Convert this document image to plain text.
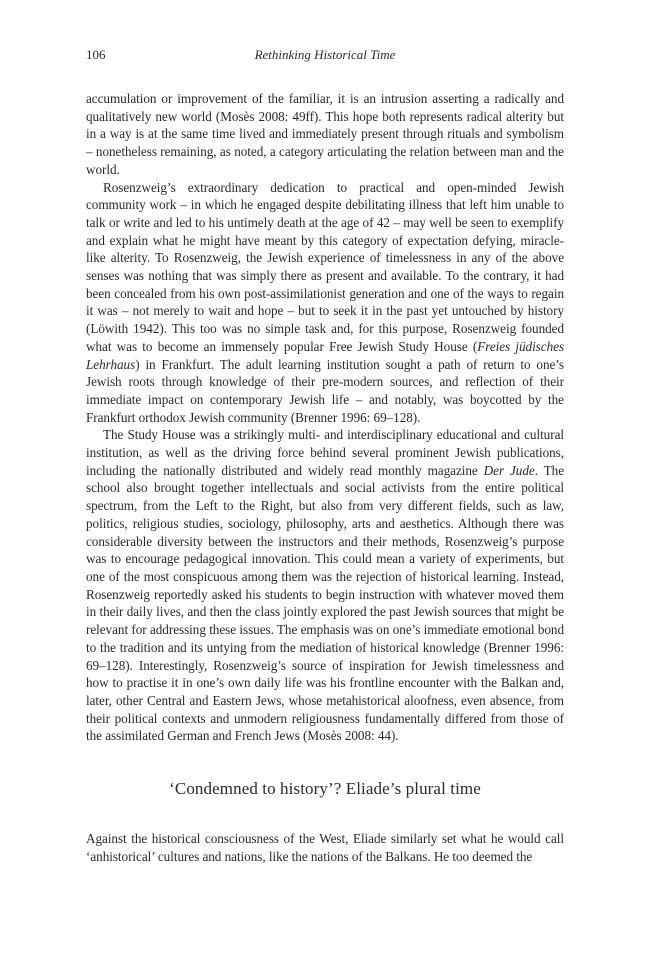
106	Rethinking Historical Time

accumulation or improvement of the familiar, it is an intrusion asserting a radically and qualitatively new world (Mosès 2008: 49ff). This hope both represents radical alterity but in a way is at the same time lived and immediately present through rituals and symbolism – nonetheless remaining, as noted, a category articulating the relation between man and the world.

Rosenzweig’s extraordinary dedication to practical and open-minded Jewish community work – in which he engaged despite debilitating illness that left him unable to talk or write and led to his untimely death at the age of 42 – may well be seen to exemplify and explain what he might have meant by this category of expectation defying, miracle-like alterity. To Rosenzweig, the Jewish experience of timelessness in any of the above senses was nothing that was simply there as present and available. To the contrary, it had been concealed from his own post-assimilationist generation and one of the ways to regain it was – not merely to wait and hope – but to seek it in the past yet untouched by history (Löwith 1942). This too was no simple task and, for this purpose, Rosenzweig founded what was to become an immensely popular Free Jewish Study House (Freies jüdisches Lehrhaus) in Frankfurt. The adult learning institution sought a path of return to one’s Jewish roots through knowledge of their pre-modern sources, and reflection of their immediate impact on contemporary Jewish life – and notably, was boycotted by the Frankfurt orthodox Jewish community (Brenner 1996: 69–128).

The Study House was a strikingly multi- and interdisciplinary educational and cultural institution, as well as the driving force behind several prominent Jewish publications, including the nationally distributed and widely read monthly magazine Der Jude. The school also brought together intellectuals and social activists from the entire political spectrum, from the Left to the Right, but also from very different fields, such as law, politics, religious studies, sociology, philosophy, arts and aesthetics. Although there was considerable diversity between the instructors and their methods, Rosenzweig’s purpose was to encourage pedagogical innovation. This could mean a variety of experiments, but one of the most conspicuous among them was the rejection of historical learning. Instead, Rosenzweig reportedly asked his students to begin instruction with whatever moved them in their daily lives, and then the class jointly explored the past Jewish sources that might be relevant for addressing these issues. The emphasis was on one’s immediate emotional bond to the tradition and its untying from the mediation of historical knowledge (Brenner 1996: 69–128). Interestingly, Rosenzweig’s source of inspiration for Jewish timelessness and how to practise it in one’s own daily life was his frontline encounter with the Balkan and, later, other Central and Eastern Jews, whose metahistorical aloofness, even absence, from their political contexts and unmodern religiousness fundamentally differed from those of the assimilated German and French Jews (Mosès 2008: 44).

‘Condemned to history’? Eliade’s plural time

Against the historical consciousness of the West, Eliade similarly set what he would call ‘anhistorical’ cultures and nations, like the nations of the Balkans. He too deemed the
